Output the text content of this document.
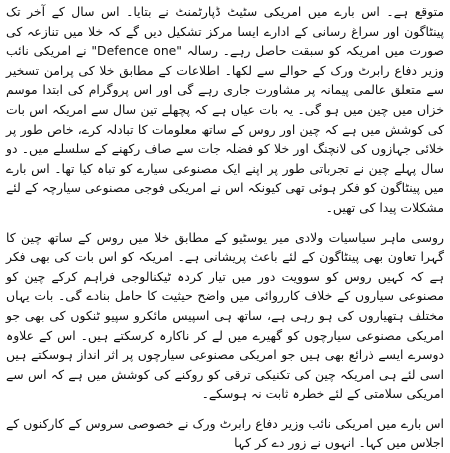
متوقع ہے۔ اس بارے میں امریکی سٹیٹ ڈپارٹمنٹ نے بتایا۔ اس سال کے آخر تک پینٹاگون اور سراغ رسانی کے ادارے ایسا مرکز تشکیل دیں گے کہ خلا میں تنازعہ کی صورت میں امریکہ کو سبقت حاصل رہے۔ رسالہ "Defence one" نے امریکی نائب وزیر دفاع رابرٹ ورک کے حوالے سے لکھا۔ اطلاعات کے مطابق خلا کی پرامن تسخیر سے متعلق عالمی پیمانہ پر مشاورت جاری رہے گی اور اس پروگرام کی ابتدا موسم خزاں میں چین میں ہو گی۔ یہ بات عیاں ہے کہ پچھلے تین سال سے امریکہ اس بات کی کوشش میں ہے کہ چین اور روس کے ساتھ معلومات کا تبادلہ کرے، خاص طور پر خلائی جہازوں کی لانچنگ اور خلا کو فضلہ جات سے صاف رکھنے کے سلسلے میں۔ دو سال پہلے چین نے تجرباتی طور پر اپنے ایک مصنوعی سیارے کو تباہ کیا تھا۔ اس بارے میں پینٹاگون کو فکر ہوئی تھی کیونکہ اس نے امریکی فوجی مصنوعی سیارچہ کے لئے مشکلات پیدا کی تھیں۔

روسی ماہر سیاسیات ولادی میر یوسٹیو کے مطابق خلا میں روس کے ساتھ چین کا گہرا تعاون بھی پینٹاگون کے لئے باعث پریشانی ہے۔ امریکہ کو اس بات کی بھی فکر ہے کہ کہیں روس کو سوویت دور میں تیار کردہ ٹیکنالوجی فراہم کرکے چین کو مصنوعی سیاروں کے خلاف کارروائی میں واضح حیثیت کا حامل بنادے گی۔ بات یہاں مختلف ہتھیاروں کی ہو رہی ہے، ساتھ ہی اسپیس مائکرو سپیو ٹنکوں کی بھی جو امریکی مصنوعی سیارچوں کو گھیرے میں لے کر ناکارہ کرسکتے ہیں۔ اس کے علاوہ دوسرے ایسے ذرائع بھی ہیں جو امریکی مصنوعی سیارچوں پر اثر انداز ہوسکتے ہیں اسی لئے ہی امریکہ چین کی تکنیکی ترقی کو روکنے کی کوشش میں ہے کہ اس سے امریکی سلامتی کے لئے خطرہ ثابت نہ ہوسکے۔

اس بارے میں امریکی نائب وزیر دفاع رابرٹ ورک نے خصوصی سروس کے کارکنوں کے اجلاس میں کہا۔ انہوں نے زور دے کر کہا
